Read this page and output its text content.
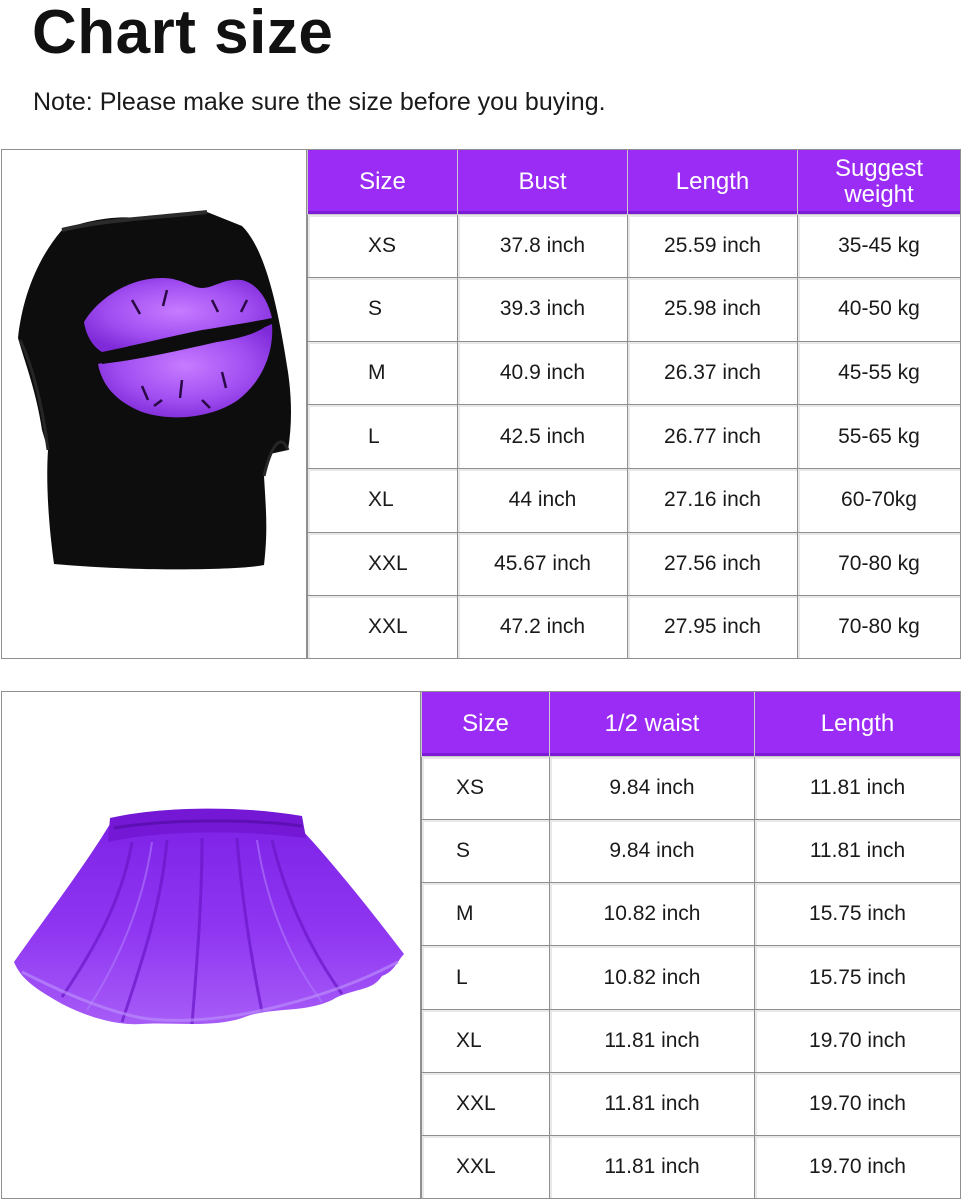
Chart size
Note: Please make sure the size before you buying.
Size	Bust	Length	Suggest weight
XS	37.8 inch	25.59 inch	35-45 kg
S	39.3 inch	25.98 inch	40-50 kg
M	40.9 inch	26.37 inch	45-55 kg
L	42.5 inch	26.77 inch	55-65 kg
XL	44 inch	27.16 inch	60-70kg
XXL	45.67 inch	27.56 inch	70-80 kg
XXL	47.2 inch	27.95 inch	70-80 kg
Size	1/2 waist	Length
XS	9.84 inch	11.81 inch
S	9.84 inch	11.81 inch
M	10.82 inch	15.75 inch
L	10.82 inch	15.75 inch
XL	11.81 inch	19.70 inch
XXL	11.81 inch	19.70 inch
XXL	11.81 inch	19.70 inch
